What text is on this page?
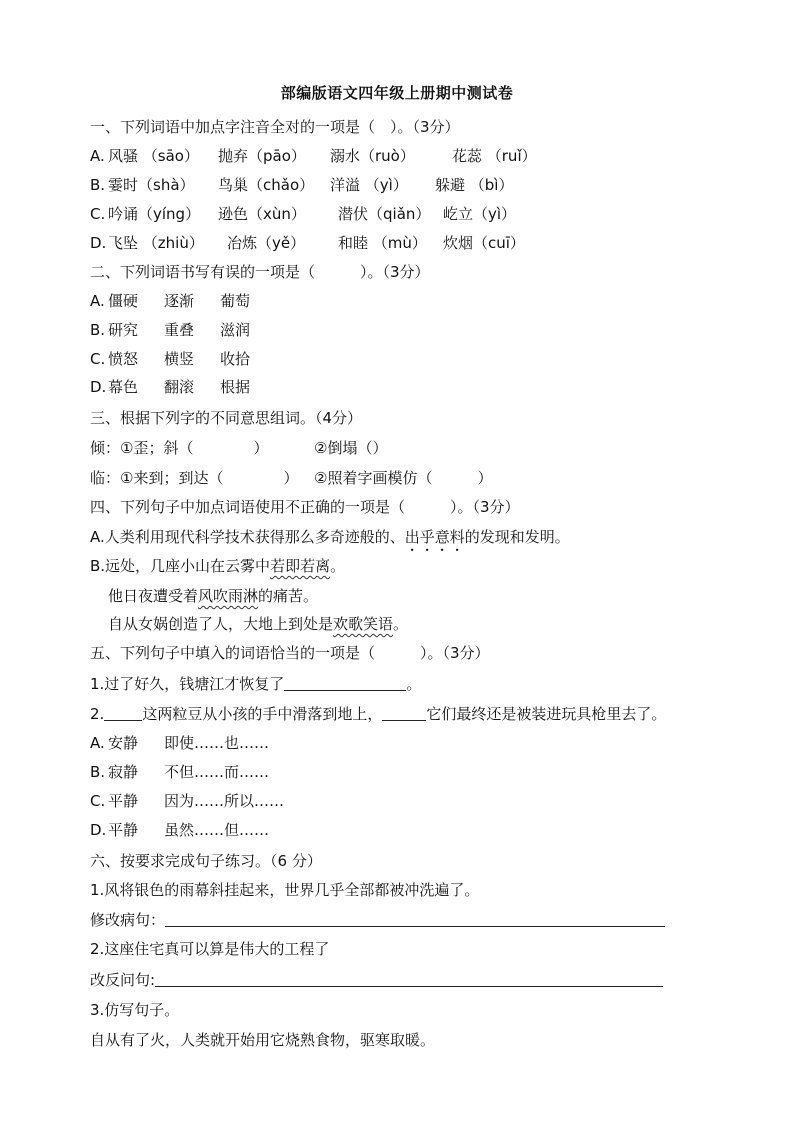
部编版语文四年级上册期中测试卷
一、下列词语中加点字注音全对的一项是（　）。（3分）
A. 风骚 （sāo） 抛弃（pāo） 溺水（ruò） 花蕊 （ruǐ）
B. 霎时（shà） 鸟巢（chǎo） 洋溢 （yì） 躲避 （bì）
C. 吟诵（yíng） 逊色（xùn） 潜伏（qiǎn） 屹立（yì）
D. 飞坠 （zhiù） 冶炼（yě） 和睦 （mù） 炊烟（cuī）
二、下列词语书写有误的一项是（　　　）。（3分）
A. 僵硬 逐渐 葡萄
B. 研究 重叠 滋润
C. 愤怒 横竖 收拾
D. 幕色 翻滚 根据
三、根据下列字的不同意思组词。（4分）
倾：①歪；斜（　　　　）	②倒塌（）
临：①来到；到达（　　　　） ②照着字画模仿（　　　）
四、下列句子中加点词语使用不正确的一项是（　　　）。（3分）
A.人类利用现代科学技术获得那么多奇迹般的、出乎意料的发现和发明。
B.远处，几座小山在云雾中若即若离。
他日夜遭受着风吹雨淋的痛苦。
自从女娲创造了人，大地上到处是欢歌笑语。
五、下列句子中填入的词语恰当的一项是（　　　）。（3分）
1.过了好久，钱塘江才恢复了	。
2.	这两粒豆从小孩的手中滑落到地上，	它们最终还是被装进玩具枪里去了。
A. 安静 即使……也……
B. 寂静 不但……而……
C. 平静 因为……所以……
D. 平静 虽然……但……
六、按要求完成句子练习。（6 分）
1.风将银色的雨幕斜挂起来，世界几乎全部都被冲洗遍了。
修改病句：
2.这座住宅真可以算是伟大的工程了
改反问句:
3.仿写句子。
自从有了火，人类就开始用它烧熟食物，驱寒取暖。
